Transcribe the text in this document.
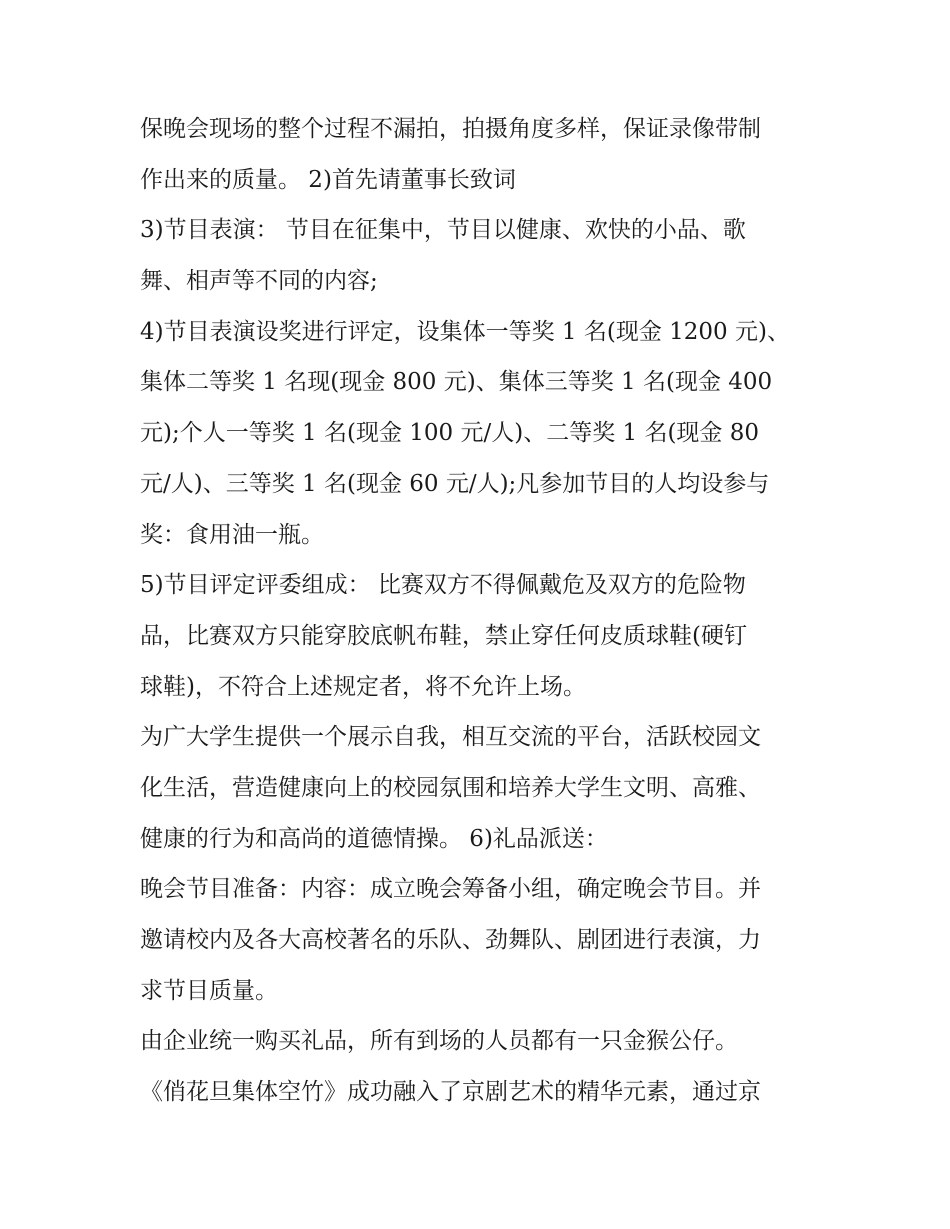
保晚会现场的整个过程不漏拍，拍摄角度多样，保证录像带制
作出来的质量。 2)首先请董事长致词
3)节目表演： 节目在征集中，节目以健康、欢快的小品、歌
舞、相声等不同的内容;
4)节目表演设奖进行评定，设集体一等奖 1 名(现金 1200 元)、
集体二等奖 1 名现(现金 800 元)、集体三等奖 1 名(现金 400
元);个人一等奖 1 名(现金 100 元/人)、二等奖 1 名(现金 80
元/人)、三等奖 1 名(现金 60 元/人);凡参加节目的人均设参与
奖：食用油一瓶。
5)节目评定评委组成： 比赛双方不得佩戴危及双方的危险物
品，比赛双方只能穿胶底帆布鞋，禁止穿任何皮质球鞋(硬钉
球鞋)，不符合上述规定者，将不允许上场。
为广大学生提供一个展示自我，相互交流的平台，活跃校园文
化生活，营造健康向上的校园氛围和培养大学生文明、高雅、
健康的行为和高尚的道德情操。 6)礼品派送：
晚会节目准备：内容：成立晚会筹备小组，确定晚会节目。并
邀请校内及各大高校著名的乐队、劲舞队、剧团进行表演，力
求节目质量。
由企业统一购买礼品，所有到场的人员都有一只金猴公仔。
《俏花旦集体空竹》成功融入了京剧艺术的精华元素，通过京
